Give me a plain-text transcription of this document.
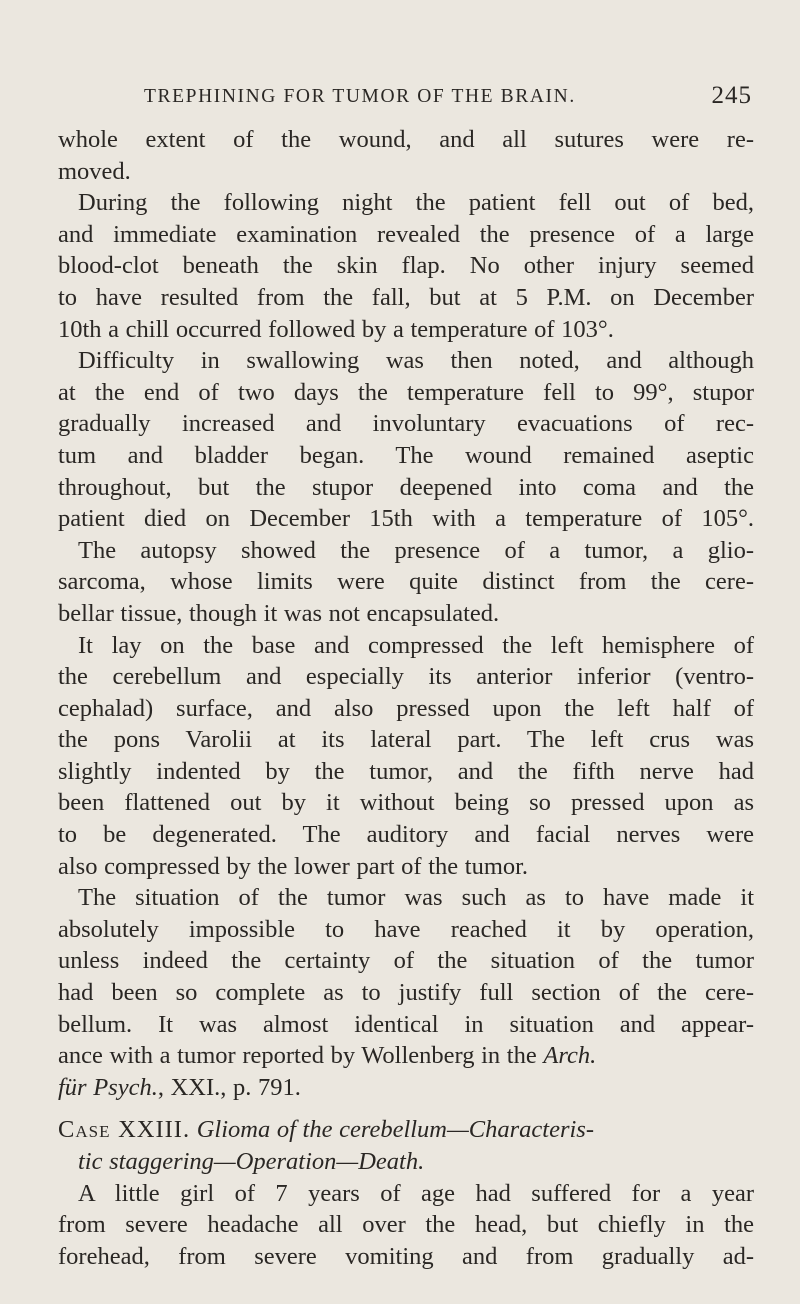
TREPHINING FOR TUMOR OF THE BRAIN.	245
whole extent of the wound, and all sutures were re-
moved.
During the following night the patient fell out of bed,
and immediate examination revealed the presence of a large
blood-clot beneath the skin flap. No other injury seemed
to have resulted from the fall, but at 5 P.M. on December
10th a chill occurred followed by a temperature of 103°.
Difficulty in swallowing was then noted, and although
at the end of two days the temperature fell to 99°, stupor
gradually increased and involuntary evacuations of rec-
tum and bladder began. The wound remained aseptic
throughout, but the stupor deepened into coma and the
patient died on December 15th with a temperature of 105°.
The autopsy showed the presence of a tumor, a glio-
sarcoma, whose limits were quite distinct from the cere-
bellar tissue, though it was not encapsulated.
It lay on the base and compressed the left hemisphere of
the cerebellum and especially its anterior inferior (ventro-
cephalad) surface, and also pressed upon the left half of
the pons Varolii at its lateral part. The left crus was
slightly indented by the tumor, and the fifth nerve had
been flattened out by it without being so pressed upon as
to be degenerated. The auditory and facial nerves were
also compressed by the lower part of the tumor.
The situation of the tumor was such as to have made it
absolutely impossible to have reached it by operation,
unless indeed the certainty of the situation of the tumor
had been so complete as to justify full section of the cere-
bellum. It was almost identical in situation and appear-
ance with a tumor reported by Wollenberg in the Arch.
für Psych., XXI., p. 791.
Case XXIII. Glioma of the cerebellum—Characteris-
tic staggering—Operation—Death.
A little girl of 7 years of age had suffered for a year
from severe headache all over the head, but chiefly in the
forehead, from severe vomiting and from gradually ad-
